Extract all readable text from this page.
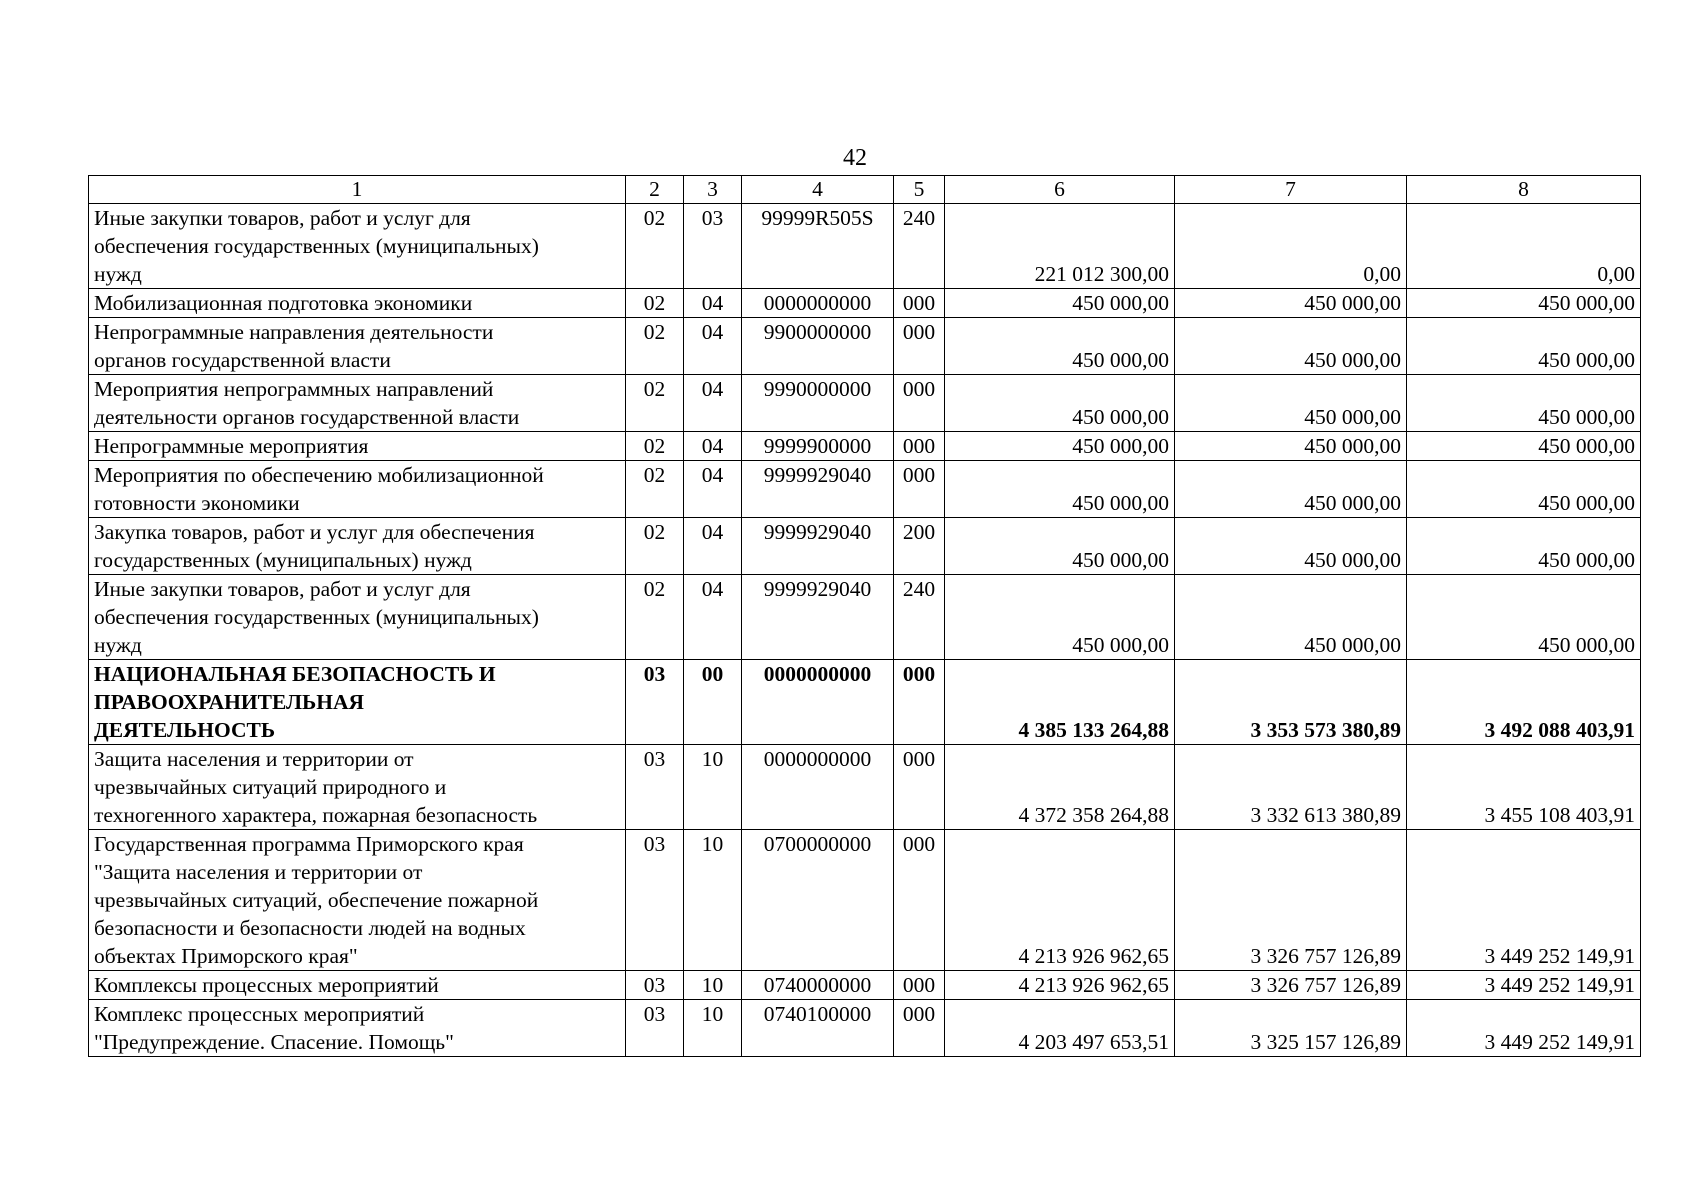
42
1	2	3	4	5	6	7	8

Иные закупки товаров, работ и услуг для
обеспечения государственных (муниципальных)
нужд	02	03	99999R505S	240	221 012 300,00	0,00	0,00

Мобилизационная подготовка экономики	02	04	0000000000	000	450 000,00	450 000,00	450 000,00

Непрограммные направления деятельности
органов государственной власти	02	04	9900000000	000	450 000,00	450 000,00	450 000,00

Мероприятия непрограммных направлений
деятельности органов государственной власти	02	04	9990000000	000	450 000,00	450 000,00	450 000,00

Непрограммные мероприятия	02	04	9999900000	000	450 000,00	450 000,00	450 000,00

Мероприятия по обеспечению мобилизационной
готовности экономики	02	04	9999929040	000	450 000,00	450 000,00	450 000,00

Закупка товаров, работ и услуг для обеспечения
государственных (муниципальных) нужд	02	04	9999929040	200	450 000,00	450 000,00	450 000,00

Иные закупки товаров, работ и услуг для
обеспечения государственных (муниципальных)
нужд	02	04	9999929040	240	450 000,00	450 000,00	450 000,00

НАЦИОНАЛЬНАЯ БЕЗОПАСНОСТЬ И
ПРАВООХРАНИТЕЛЬНАЯ
ДЕЯТЕЛЬНОСТЬ	03	00	0000000000	000	4 385 133 264,88	3 353 573 380,89	3 492 088 403,91

Защита населения и территории от
чрезвычайных ситуаций природного и
техногенного характера, пожарная безопасность	03	10	0000000000	000	4 372 358 264,88	3 332 613 380,89	3 455 108 403,91

Государственная программа Приморского края
"Защита населения и территории от
чрезвычайных ситуаций, обеспечение пожарной
безопасности и безопасности людей на водных
объектах Приморского края"	03	10	0700000000	000	4 213 926 962,65	3 326 757 126,89	3 449 252 149,91

Комплексы процессных мероприятий	03	10	0740000000	000	4 213 926 962,65	3 326 757 126,89	3 449 252 149,91

Комплекс процессных мероприятий
"Предупреждение. Спасение. Помощь"	03	10	0740100000	000	4 203 497 653,51	3 325 157 126,89	3 449 252 149,91
